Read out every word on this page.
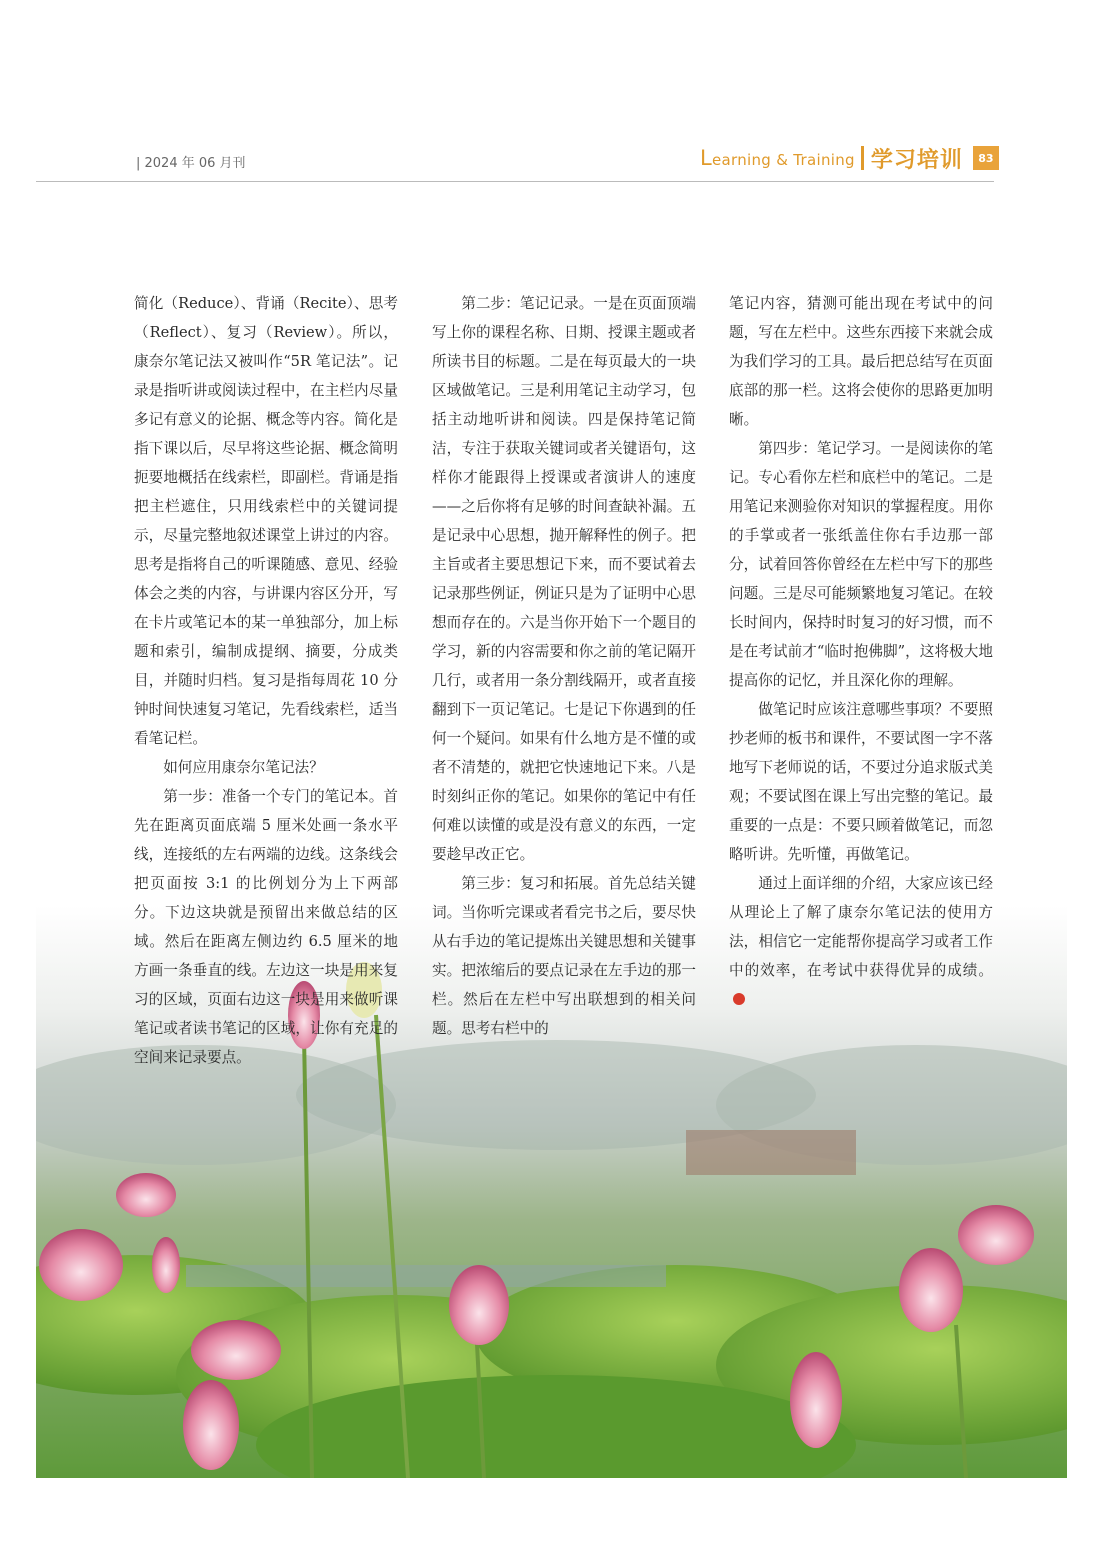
| 2024 年 06 月刊	Learning & Training 学习培训	83

简化（Reduce）、背诵（Recite）、思考（Reflect）、复习（Review）。所以，康奈尔笔记法又被叫作“5R 笔记法”。记录是指听讲或阅读过程中，在主栏内尽量多记有意义的论据、概念等内容。简化是指下课以后，尽早将这些论据、概念简明扼要地概括在线索栏，即副栏。背诵是指把主栏遮住，只用线索栏中的关键词提示，尽量完整地叙述课堂上讲过的内容。思考是指将自己的听课随感、意见、经验体会之类的内容，与讲课内容区分开，写在卡片或笔记本的某一单独部分，加上标题和索引，编制成提纲、摘要，分成类目，并随时归档。复习是指每周花 10 分钟时间快速复习笔记，先看线索栏，适当看笔记栏。

如何应用康奈尔笔记法？

第一步：准备一个专门的笔记本。首先在距离页面底端 5 厘米处画一条水平线，连接纸的左右两端的边线。这条线会把页面按 3:1 的比例划分为上下两部分。下边这块就是预留出来做总结的区域。然后在距离左侧边约 6.5 厘米的地方画一条垂直的线。左边这一块是用来复习的区域，页面右边这一块是用来做听课笔记或者读书笔记的区域，让你有充足的空间来记录要点。

第二步：笔记记录。一是在页面顶端写上你的课程名称、日期、授课主题或者所读书目的标题。二是在每页最大的一块区域做笔记。三是利用笔记主动学习，包括主动地听讲和阅读。四是保持笔记简洁，专注于获取关键词或者关键语句，这样你才能跟得上授课或者演讲人的速度——之后你将有足够的时间查缺补漏。五是记录中心思想，抛开解释性的例子。把主旨或者主要思想记下来，而不要试着去记录那些例证，例证只是为了证明中心思想而存在的。六是当你开始下一个题目的学习，新的内容需要和你之前的笔记隔开几行，或者用一条分割线隔开，或者直接翻到下一页记笔记。七是记下你遇到的任何一个疑问。如果有什么地方是不懂的或者不清楚的，就把它快速地记下来。八是时刻纠正你的笔记。如果你的笔记中有任何难以读懂的或是没有意义的东西，一定要趁早改正它。

第三步：复习和拓展。首先总结关键词。当你听完课或者看完书之后，要尽快从右手边的笔记提炼出关键思想和关键事实。把浓缩后的要点记录在左手边的那一栏。然后在左栏中写出联想到的相关问题。思考右栏中的

笔记内容，猜测可能出现在考试中的问题，写在左栏中。这些东西接下来就会成为我们学习的工具。最后把总结写在页面底部的那一栏。这将会使你的思路更加明晰。

第四步：笔记学习。一是阅读你的笔记。专心看你左栏和底栏中的笔记。二是用笔记来测验你对知识的掌握程度。用你的手掌或者一张纸盖住你右手边那一部分，试着回答你曾经在左栏中写下的那些问题。三是尽可能频繁地复习笔记。在较长时间内，保持时时复习的好习惯，而不是在考试前才“临时抱佛脚”，这将极大地提高你的记忆，并且深化你的理解。

做笔记时应该注意哪些事项？不要照抄老师的板书和课件，不要试图一字不落地写下老师说的话，不要过分追求版式美观；不要试图在课上写出完整的笔记。最重要的一点是：不要只顾着做笔记，而忽略听讲。先听懂，再做笔记。

通过上面详细的介绍，大家应该已经从理论上了解了康奈尔笔记法的使用方法，相信它一定能帮你提高学习或者工作中的效率，在考试中获得优异的成绩。
